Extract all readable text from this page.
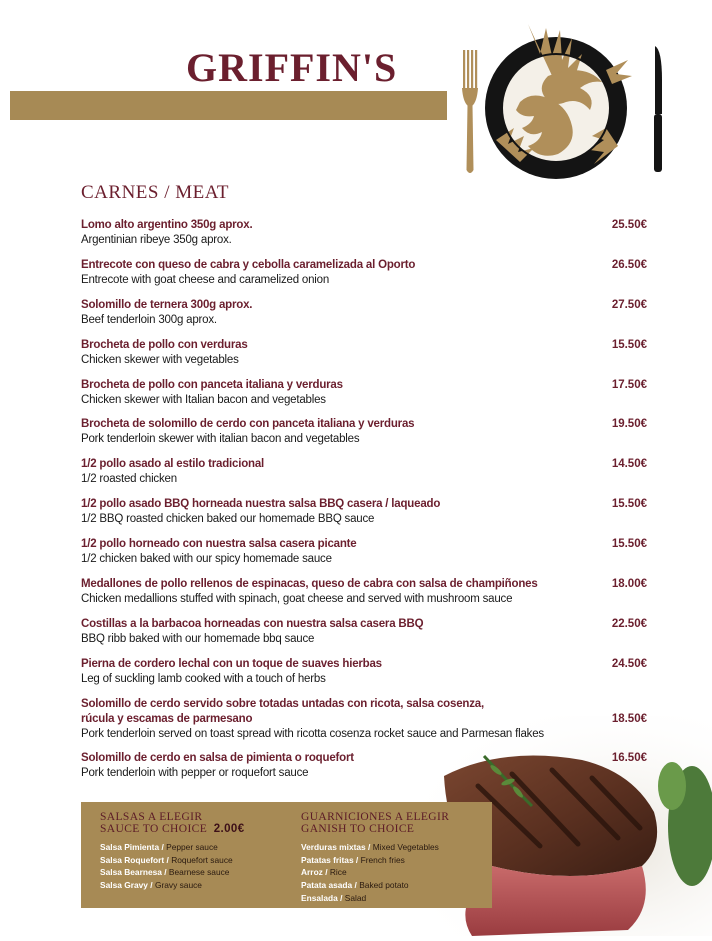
GRIFFIN'S
CARNES / MEAT
Lomo alto argentino 350g aprox.
Argentinian ribeye 350g aprox.
25.50€
Entrecote con queso de cabra y cebolla caramelizada al Oporto
Entrecote with goat cheese and caramelized onion
26.50€
Solomillo de ternera 300g aprox.
Beef tenderloin 300g aprox.
27.50€
Brocheta de pollo con verduras
Chicken skewer with vegetables
15.50€
Brocheta de pollo con panceta italiana y verduras
Chicken skewer with Italian bacon and vegetables
17.50€
Brocheta de solomillo de cerdo con panceta italiana y verduras
Pork tenderloin skewer with italian bacon and vegetables
19.50€
1/2 pollo asado al estilo tradicional
1/2 roasted chicken
14.50€
1/2 pollo asado BBQ horneada nuestra salsa BBQ casera / laqueado
1/2 BBQ roasted chicken baked our homemade BBQ sauce
15.50€
1/2 pollo horneado con nuestra salsa casera picante
1/2 chicken baked with our spicy homemade sauce
15.50€
Medallones de pollo rellenos de espinacas, queso de cabra con salsa de champiñones
Chicken medallions stuffed with spinach, goat cheese and served with mushroom sauce
18.00€
Costillas a la barbacoa horneadas con nuestra salsa casera BBQ
BBQ ribb baked with our homemade bbq sauce
22.50€
Pierna de cordero lechal con un toque de suaves hierbas
Leg of suckling lamb cooked with a touch of herbs
24.50€
Solomillo de cerdo servido sobre totadas untadas con ricota, salsa cosenza,
rúcula y escamas de parmesano
Pork tenderloin served on toast spread with ricotta cosenza rocket sauce and Parmesan flakes
18.50€
Solomillo de cerdo en salsa de pimienta o roquefort
Pork tenderloin with pepper or roquefort sauce
16.50€
SALSAS A ELEGIR
SAUCE TO CHOICE 2.00€
Salsa Pimienta / Pepper sauce
Salsa Roquefort / Roquefort sauce
Salsa Bearnesa / Bearnese sauce
Salsa Gravy / Gravy sauce
GUARNICIONES A ELEGIR
GANISH TO CHOICE
Verduras mixtas / Mixed Vegetables
Patatas fritas / French fries
Arroz / Rice
Patata asada / Baked potato
Ensalada / Salad
